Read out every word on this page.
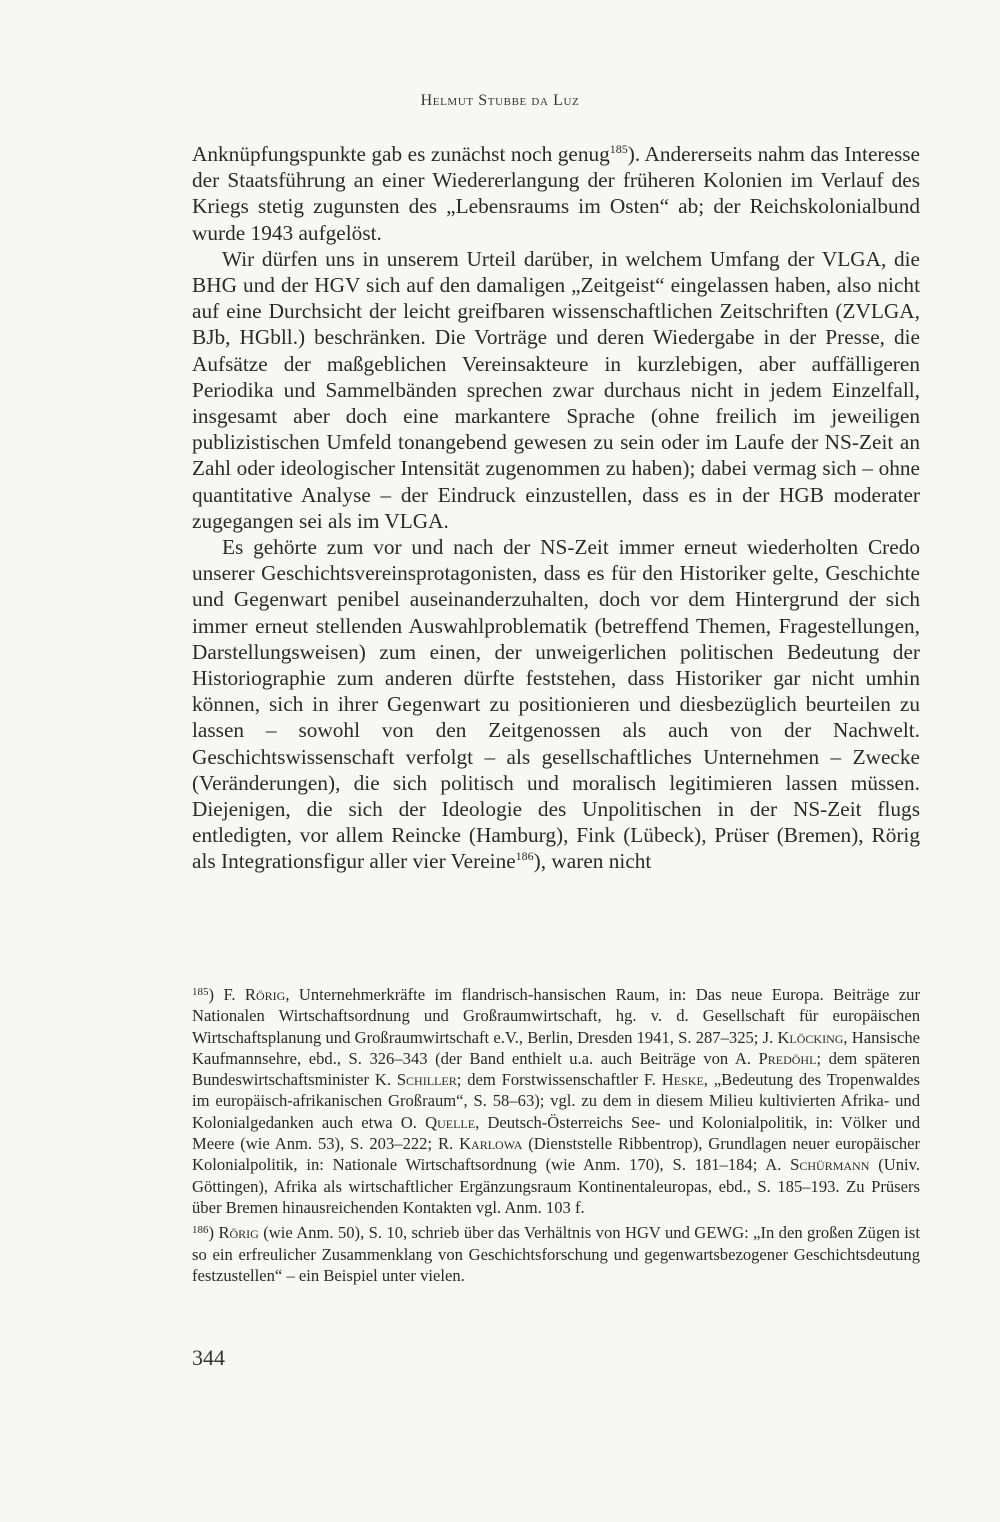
Helmut Stubbe da Luz

Anknüpfungspunkte gab es zunächst noch genug$^{185}$). Andererseits nahm das Interesse der Staatsführung an einer Wiedererlangung der früheren Kolonien im Verlauf des Kriegs stetig zugunsten des „Lebensraums im Osten“ ab; der Reichskolonialbund wurde 1943 aufgelöst.

Wir dürfen uns in unserem Urteil darüber, in welchem Umfang der VLGA, die BHG und der HGV sich auf den damaligen „Zeitgeist“ eingelassen haben, also nicht auf eine Durchsicht der leicht greifbaren wissenschaftlichen Zeitschriften (ZVLGA, BJb, HGbll.) beschränken. Die Vorträge und deren Wiedergabe in der Presse, die Aufsätze der maßgeblichen Vereinsakteure in kurzlebigen, aber auffälligeren Periodika und Sammelbänden sprechen zwar durchaus nicht in jedem Einzelfall, insgesamt aber doch eine markantere Sprache (ohne freilich im jeweiligen publizistischen Umfeld tonangebend gewesen zu sein oder im Laufe der NS-Zeit an Zahl oder ideologischer Intensität zugenommen zu haben); dabei vermag sich – ohne quantitative Analyse – der Eindruck einzustellen, dass es in der HGB moderater zugegangen sei als im VLGA.

Es gehörte zum vor und nach der NS-Zeit immer erneut wiederholten Credo unserer Geschichtsvereinsprotagonisten, dass es für den Historiker gelte, Geschichte und Gegenwart penibel auseinanderzuhalten, doch vor dem Hintergrund der sich immer erneut stellenden Auswahlproblematik (betreffend Themen, Fragestellungen, Darstellungsweisen) zum einen, der unweigerlichen politischen Bedeutung der Historiographie zum anderen dürfte feststehen, dass Historiker gar nicht umhin können, sich in ihrer Gegenwart zu positionieren und diesbezüglich beurteilen zu lassen – sowohl von den Zeitgenossen als auch von der Nachwelt. Geschichtswissenschaft verfolgt – als gesellschaftliches Unternehmen – Zwecke (Veränderungen), die sich politisch und moralisch legitimieren lassen müssen. Diejenigen, die sich der Ideologie des Unpolitischen in der NS-Zeit flugs entledigten, vor allem Reincke (Hamburg), Fink (Lübeck), Prüser (Bremen), Rörig als Integrationsfigur aller vier Vereine$^{186}$), waren nicht

$^{185}$) F. Rörig, Unternehmerkräfte im flandrisch-hansischen Raum, in: Das neue Europa. Beiträge zur Nationalen Wirtschaftsordnung und Großraumwirtschaft, hg. v. d. Gesellschaft für europäischen Wirtschaftsplanung und Großraumwirtschaft e.V., Berlin, Dresden 1941, S. 287–325; J. Klöcking, Hansische Kaufmannsehre, ebd., S. 326–343 (der Band enthielt u.a. auch Beiträge von A. Predöhl; dem späteren Bundeswirtschaftsminister K. Schiller; dem Forstwissenschaftler F. Heske, „Bedeutung des Tropenwaldes im europäisch-afrikanischen Großraum“, S. 58–63); vgl. zu dem in diesem Milieu kultivierten Afrika- und Kolonialgedanken auch etwa O. Quelle, Deutsch-Österreichs See- und Kolonialpolitik, in: Völker und Meere (wie Anm. 53), S. 203–222; R. Karlowa (Dienststelle Ribbentrop), Grundlagen neuer europäischer Kolonialpolitik, in: Nationale Wirtschaftsordnung (wie Anm. 170), S. 181–184; A. Schürmann (Univ. Göttingen), Afrika als wirtschaftlicher Ergänzungsraum Kontinentaleuropas, ebd., S. 185–193. Zu Prüsers über Bremen hinausreichenden Kontakten vgl. Anm. 103 f.

$^{186}$) Rörig (wie Anm. 50), S. 10, schrieb über das Verhältnis von HGV und GEWG: „In den großen Zügen ist so ein erfreulicher Zusammenklang von Geschichtsforschung und gegenwartsbezogener Geschichtsdeutung festzustellen“ – ein Beispiel unter vielen.

344
